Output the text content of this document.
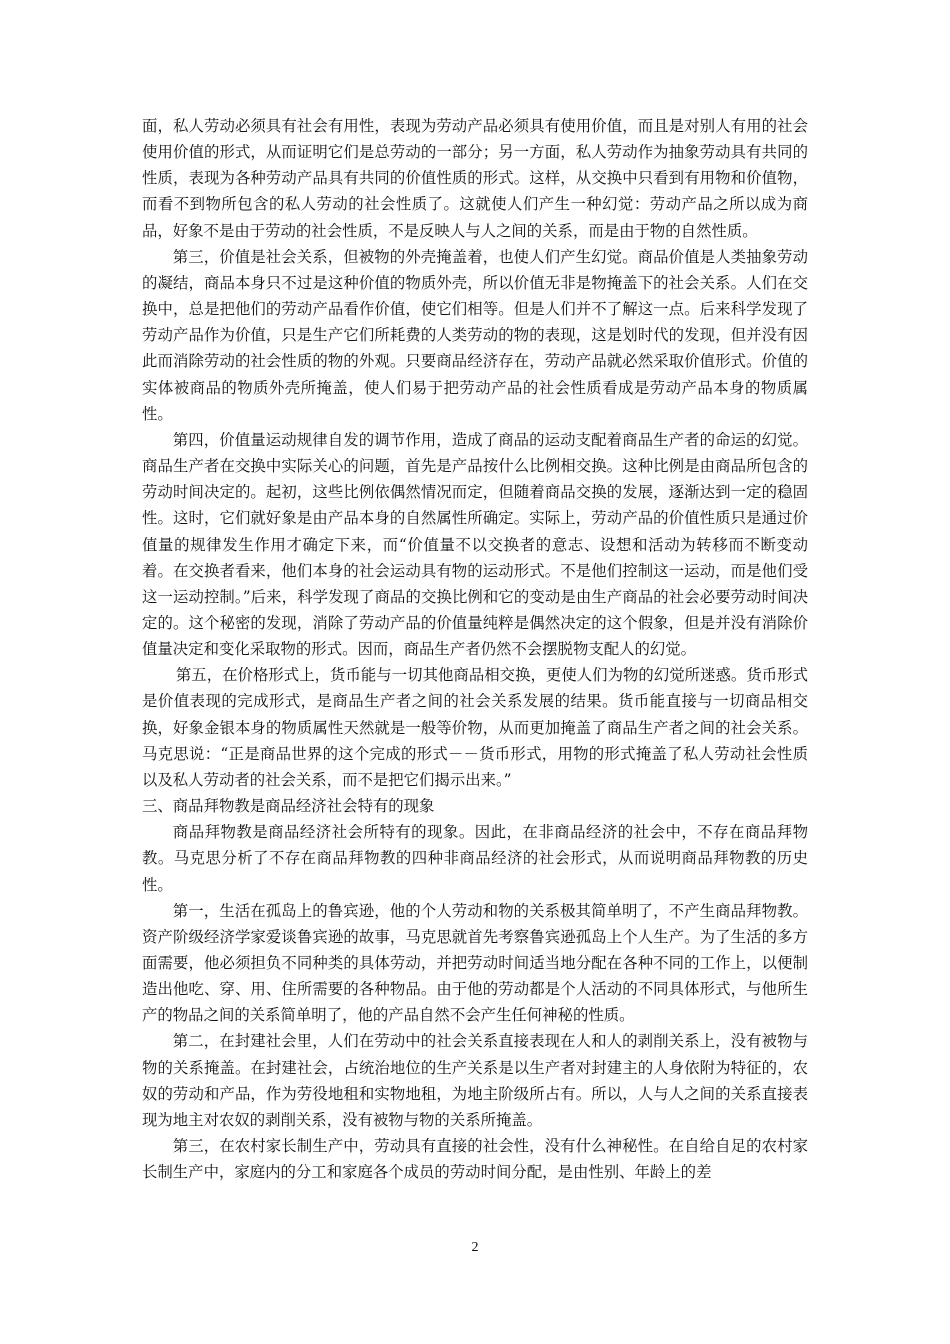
面，私人劳动必须具有社会有用性，表现为劳动产品必须具有使用价值，而且是对别人有用的社会使用价值的形式，从而证明它们是总劳动的一部分；另一方面，私人劳动作为抽象劳动具有共同的性质，表现为各种劳动产品具有共同的价值性质的形式。这样，从交换中只看到有用物和价值物，而看不到物所包含的私人劳动的社会性质了。这就使人们产生一种幻觉：劳动产品之所以成为商品，好象不是由于劳动的社会性质，不是反映人与人之间的关系，而是由于物的自然性质。

第三，价值是社会关系，但被物的外壳掩盖着，也使人们产生幻觉。商品价值是人类抽象劳动的凝结，商品本身只不过是这种价值的物质外壳，所以价值无非是物掩盖下的社会关系。人们在交换中，总是把他们的劳动产品看作价值，使它们相等。但是人们并不了解这一点。后来科学发现了劳动产品作为价值，只是生产它们所耗费的人类劳动的物的表现，这是划时代的发现，但并没有因此而消除劳动的社会性质的物的外观。只要商品经济存在，劳动产品就必然采取价值形式。价值的实体被商品的物质外壳所掩盖，使人们易于把劳动产品的社会性质看成是劳动产品本身的物质属性。

第四，价值量运动规律自发的调节作用，造成了商品的运动支配着商品生产者的命运的幻觉。商品生产者在交换中实际关心的问题，首先是产品按什么比例相交换。这种比例是由商品所包含的劳动时间决定的。起初，这些比例依偶然情况而定，但随着商品交换的发展，逐渐达到一定的稳固性。这时，它们就好象是由产品本身的自然属性所确定。实际上，劳动产品的价值性质只是通过价值量的规律发生作用才确定下来，而“价值量不以交换者的意志、设想和活动为转移而不断变动着。在交换者看来，他们本身的社会运动具有物的运动形式。不是他们控制这一运动，而是他们受这一运动控制。”后来，科学发现了商品的交换比例和它的变动是由生产商品的社会必要劳动时间决定的。这个秘密的发现，消除了劳动产品的价值量纯粹是偶然决定的这个假象，但是并没有消除价值量决定和变化采取物的形式。因而，商品生产者仍然不会摆脱物支配人的幻觉。

第五，在价格形式上，货币能与一切其他商品相交换，更使人们为物的幻觉所迷惑。货币形式是价值表现的完成形式，是商品生产者之间的社会关系发展的结果。货币能直接与一切商品相交换，好象金银本身的物质属性天然就是一般等价物，从而更加掩盖了商品生产者之间的社会关系。马克思说：“正是商品世界的这个完成的形式－－货币形式，用物的形式掩盖了私人劳动社会性质以及私人劳动者的社会关系，而不是把它们揭示出来。”

三、商品拜物教是商品经济社会特有的现象

商品拜物教是商品经济社会所特有的现象。因此，在非商品经济的社会中，不存在商品拜物教。马克思分析了不存在商品拜物教的四种非商品经济的社会形式，从而说明商品拜物教的历史性。

第一，生活在孤岛上的鲁宾逊，他的个人劳动和物的关系极其简单明了，不产生商品拜物教。资产阶级经济学家爱谈鲁宾逊的故事，马克思就首先考察鲁宾逊孤岛上个人生产。为了生活的多方面需要，他必须担负不同种类的具体劳动，并把劳动时间适当地分配在各种不同的工作上，以便制造出他吃、穿、用、住所需要的各种物品。由于他的劳动都是个人活动的不同具体形式，与他所生产的物品之间的关系简单明了，他的产品自然不会产生任何神秘的性质。

第二，在封建社会里，人们在劳动中的社会关系直接表现在人和人的剥削关系上，没有被物与物的关系掩盖。在封建社会，占统治地位的生产关系是以生产者对封建主的人身依附为特征的，农奴的劳动和产品，作为劳役地租和实物地租，为地主阶级所占有。所以，人与人之间的关系直接表现为地主对农奴的剥削关系，没有被物与物的关系所掩盖。

第三，在农村家长制生产中，劳动具有直接的社会性，没有什么神秘性。在自给自足的农村家长制生产中，家庭内的分工和家庭各个成员的劳动时间分配，是由性别、年龄上的差

2
